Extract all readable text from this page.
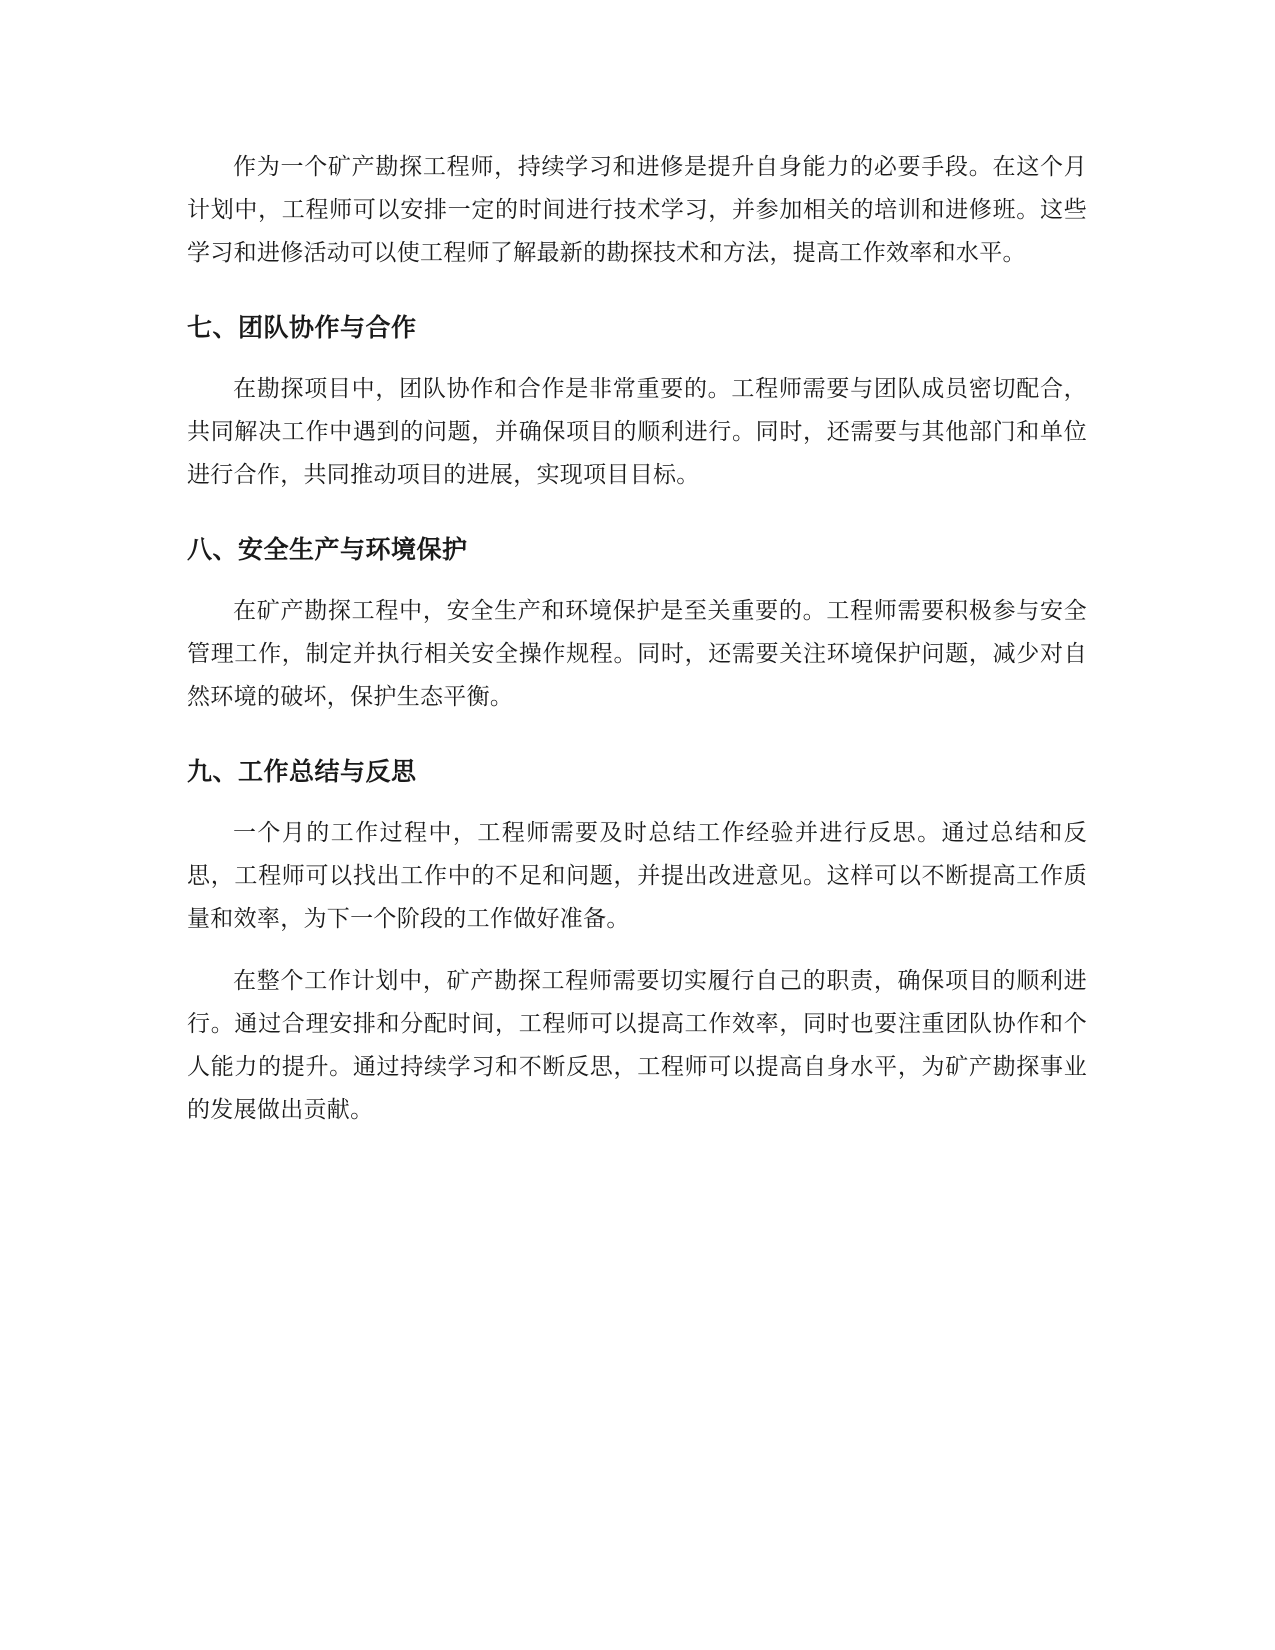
作为一个矿产勘探工程师，持续学习和进修是提升自身能力的必要手段。在这个月计划中，工程师可以安排一定的时间进行技术学习，并参加相关的培训和进修班。这些学习和进修活动可以使工程师了解最新的勘探技术和方法，提高工作效率和水平。

七、团队协作与合作

在勘探项目中，团队协作和合作是非常重要的。工程师需要与团队成员密切配合，共同解决工作中遇到的问题，并确保项目的顺利进行。同时，还需要与其他部门和单位进行合作，共同推动项目的进展，实现项目目标。

八、安全生产与环境保护

在矿产勘探工程中，安全生产和环境保护是至关重要的。工程师需要积极参与安全管理工作，制定并执行相关安全操作规程。同时，还需要关注环境保护问题，减少对自然环境的破坏，保护生态平衡。

九、工作总结与反思

一个月的工作过程中，工程师需要及时总结工作经验并进行反思。通过总结和反思，工程师可以找出工作中的不足和问题，并提出改进意见。这样可以不断提高工作质量和效率，为下一个阶段的工作做好准备。

在整个工作计划中，矿产勘探工程师需要切实履行自己的职责，确保项目的顺利进行。通过合理安排和分配时间，工程师可以提高工作效率，同时也要注重团队协作和个人能力的提升。通过持续学习和不断反思，工程师可以提高自身水平，为矿产勘探事业的发展做出贡献。
